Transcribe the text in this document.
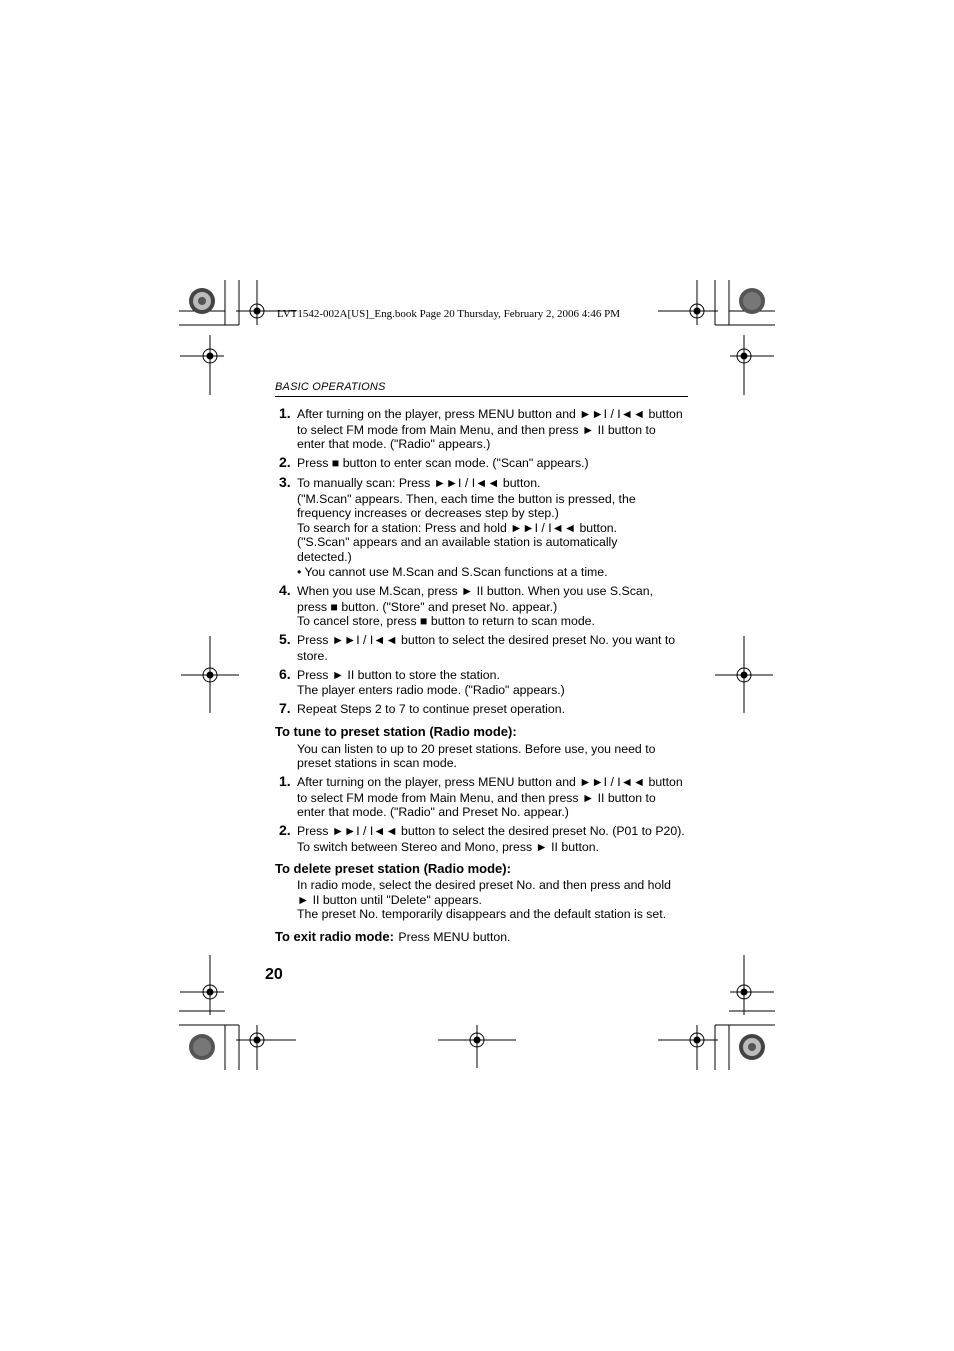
LVT1542-002A[US]_Eng.book Page 20 Thursday, February 2, 2006 4:46 PM
BASIC OPERATIONS
1. After turning on the player, press MENU button and ►►I / I◄◄ button
to select FM mode from Main Menu, and then press ► II button to
enter that mode. ("Radio" appears.)
2. Press ■ button to enter scan mode. ("Scan" appears.)
3. To manually scan: Press ►►I / I◄◄ button.
("M.Scan" appears. Then, each time the button is pressed, the
frequency increases or decreases step by step.)
To search for a station: Press and hold ►►I / I◄◄ button.
("S.Scan" appears and an available station is automatically
detected.)
• You cannot use M.Scan and S.Scan functions at a time.
4. When you use M.Scan, press ► II button. When you use S.Scan,
press ■ button. ("Store" and preset No. appear.)
To cancel store, press ■ button to return to scan mode.
5. Press ►►I / I◄◄ button to select the desired preset No. you want to
store.
6. Press ► II button to store the station.
The player enters radio mode. ("Radio" appears.)
7. Repeat Steps 2 to 7 to continue preset operation.
To tune to preset station (Radio mode):
You can listen to up to 20 preset stations. Before use, you need to
preset stations in scan mode.
1. After turning on the player, press MENU button and ►►I / I◄◄ button
to select FM mode from Main Menu, and then press ► II button to
enter that mode. ("Radio" and Preset No. appear.)
2. Press ►►I / I◄◄ button to select the desired preset No. (P01 to P20).
To switch between Stereo and Mono, press ► II button.
To delete preset station (Radio mode):
In radio mode, select the desired preset No. and then press and hold
► II button until "Delete" appears.
The preset No. temporarily disappears and the default station is set.
To exit radio mode: Press MENU button.
20
